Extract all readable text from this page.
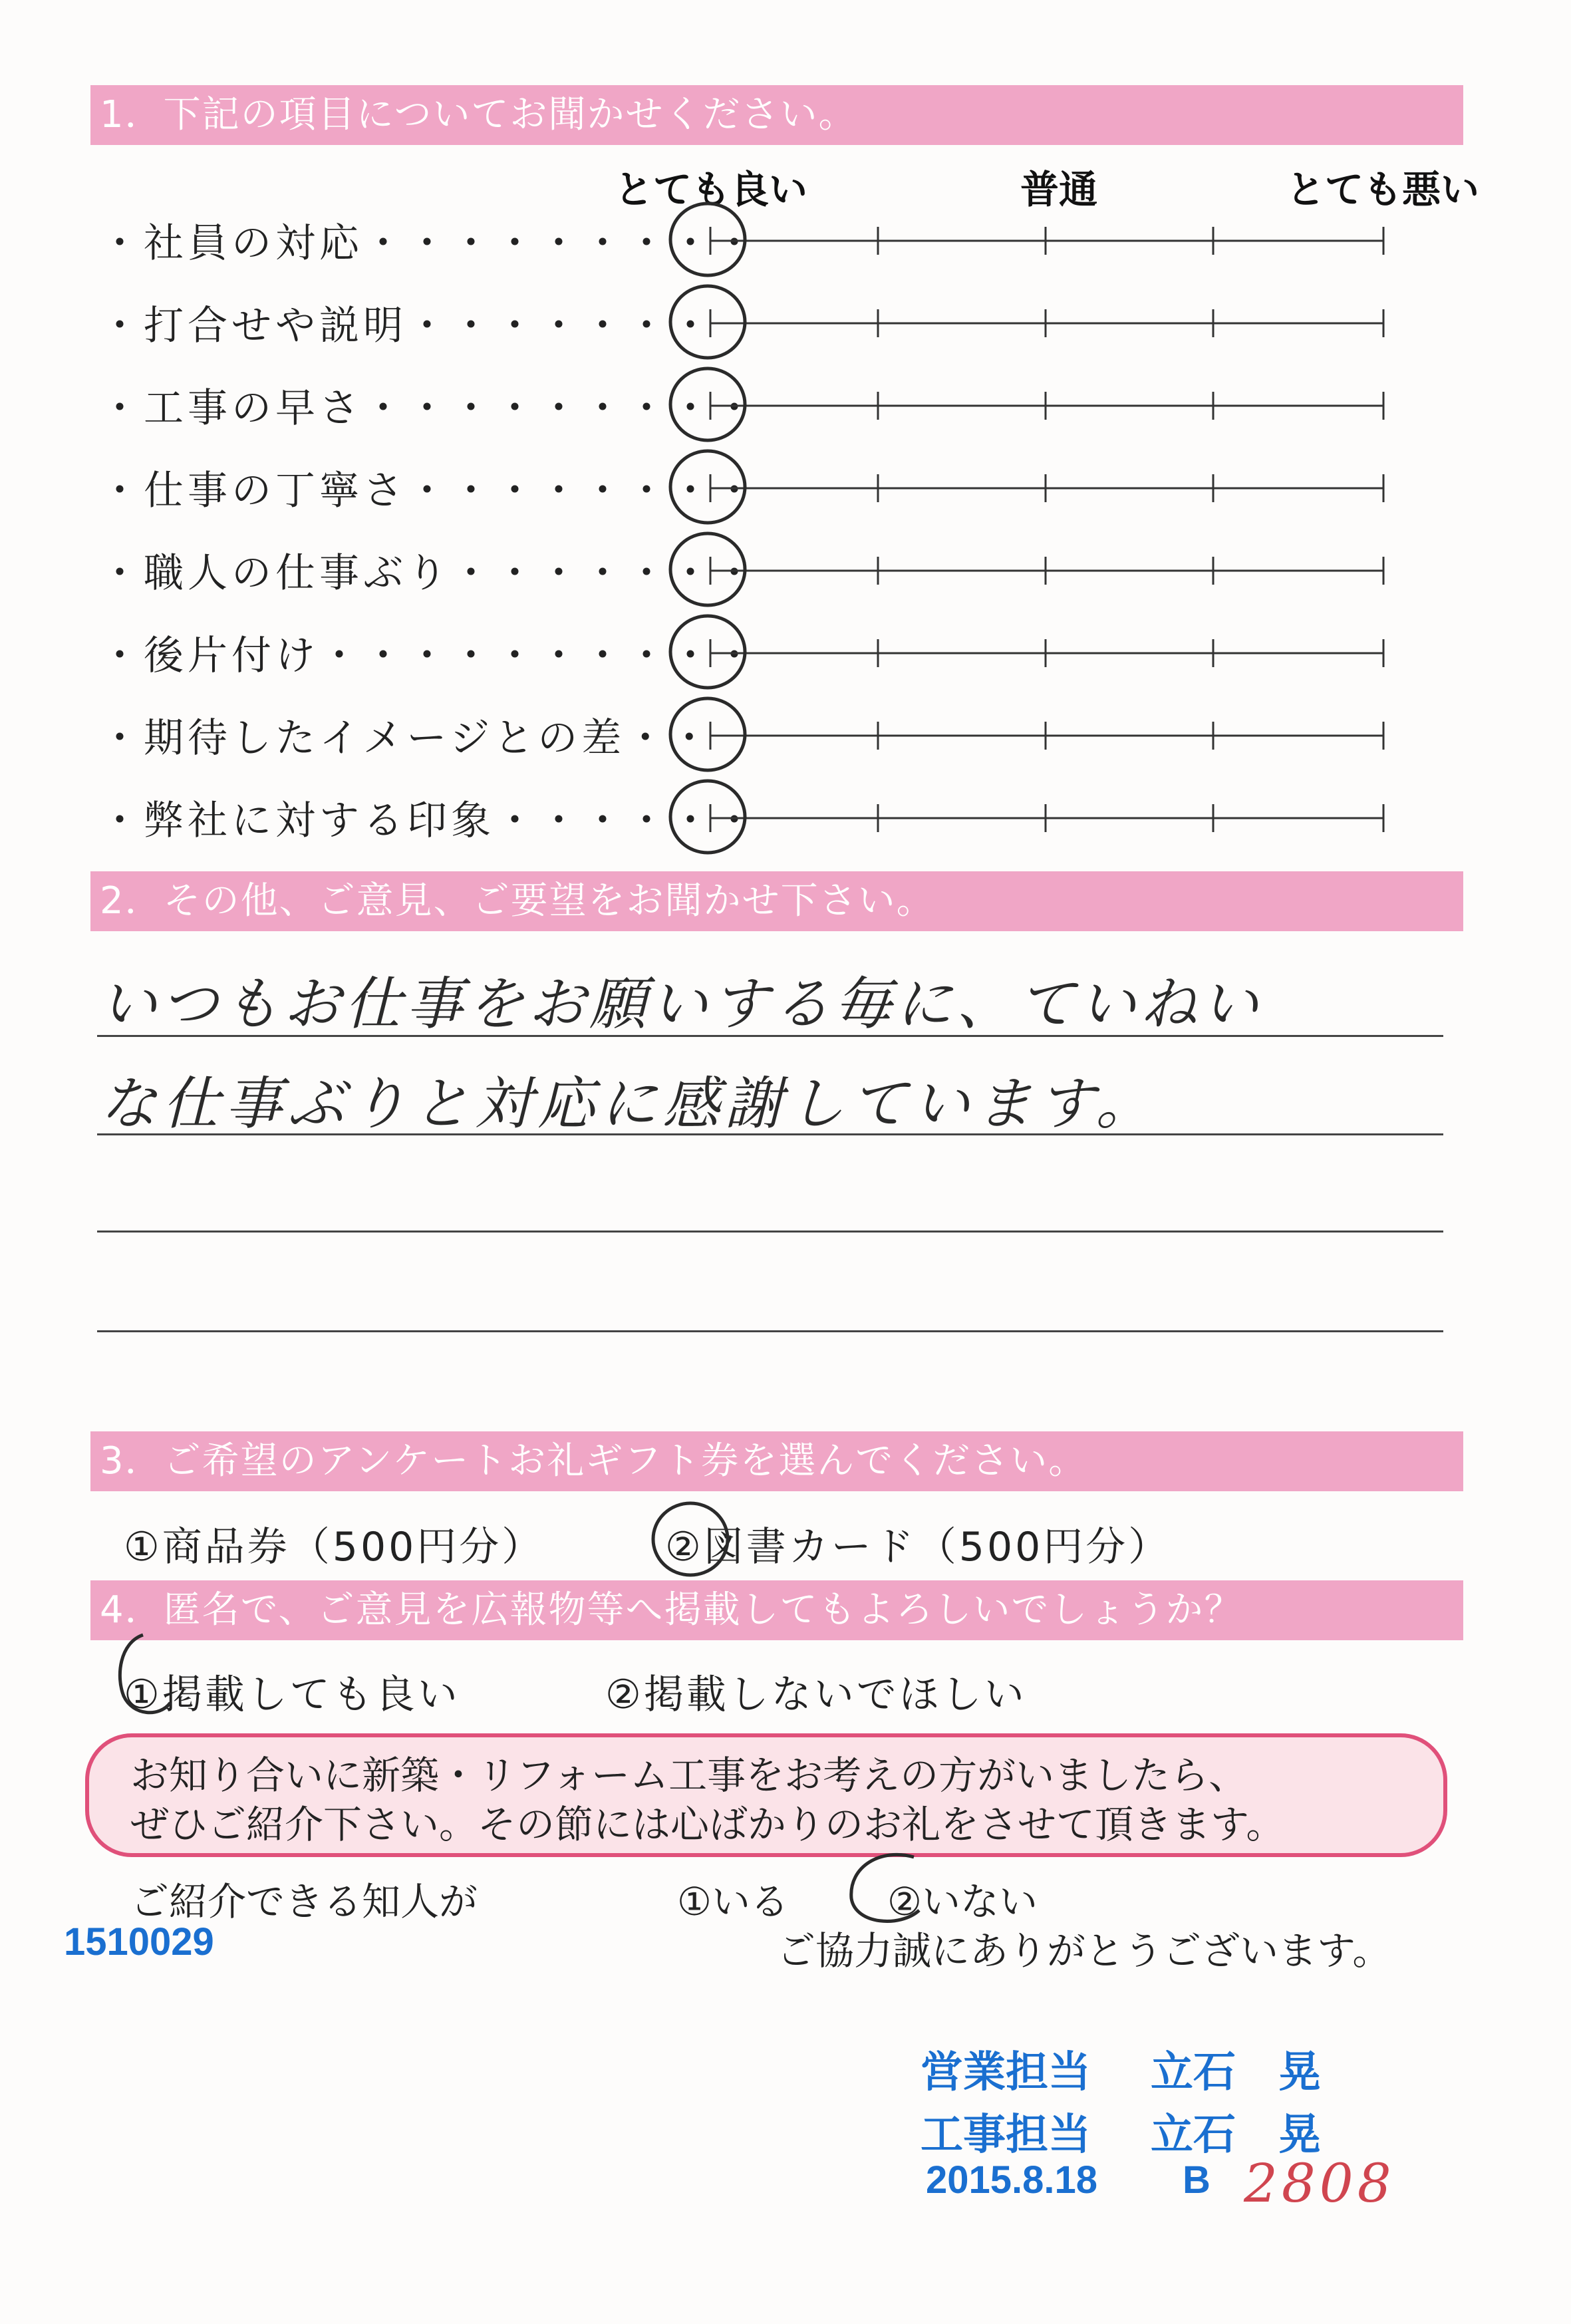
1．下記の項目についてお聞かせください。
とても良い	普通	とても悪い
・社員の対応・・・・・・・・・
・打合せや説明・・・・・・・
・工事の早さ・・・・・・・・・
・仕事の丁寧さ・・・・・・・・
・職人の仕事ぶり・・・・・・・
・後片付け・・・・・・・・・・
・期待したイメージとの差・・
・弊社に対する印象・・・・・・
2．その他、ご意見、ご要望をお聞かせ下さい。
いつもお仕事をお願いする毎に、ていねい
な仕事ぶりと対応に感謝しています。
3．ご希望のアンケートお礼ギフト券を選んでください。
①商品券（500円分）	②図書カード（500円分）
4．匿名で、ご意見を広報物等へ掲載してもよろしいでしょうか？
①掲載しても良い	②掲載しないでほしい
お知り合いに新築・リフォーム工事をお考えの方がいましたら、
ぜひご紹介下さい。その節には心ばかりのお礼をさせて頂きます。
ご紹介できる知人が	①いる	②いない
1510029	ご協力誠にありがとうございます。
営業担当 立石　晃
工事担当 立石　晃
2015.8.18 B 2808
